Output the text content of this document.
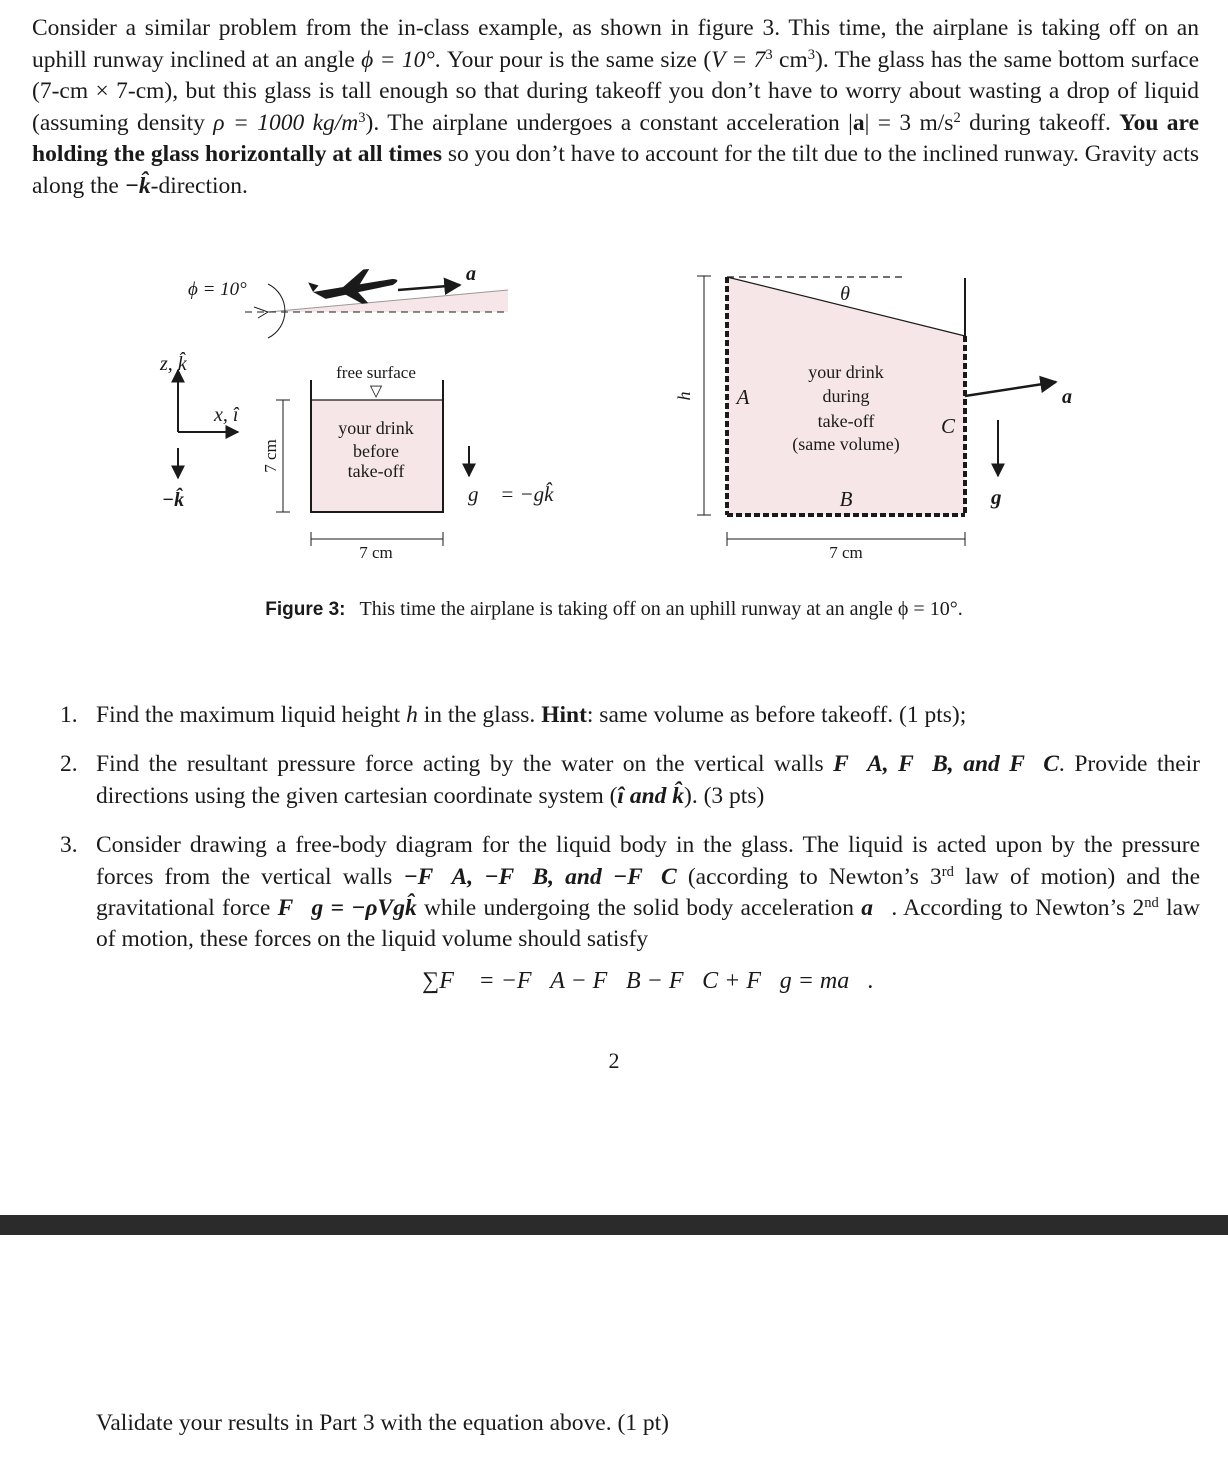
Consider a similar problem from the in-class example, as shown in figure 3. This time, the airplane is taking off on an uphill runway inclined at an angle ϕ = 10°. Your pour is the same size ($V = 7^3$ $cm^3$). The glass has the same bottom surface (7-cm × 7-cm), but this glass is tall enough so that during takeoff you don’t have to worry about wasting a drop of liquid (assuming density ρ = 1000 $kg/m^3$). The airplane undergoes a constant acceleration |a| = 3 $m/s^2$ during takeoff. You are holding the glass horizontally at all times so you don’t have to account for the tilt due to the inclined runway. Gravity acts along the −k̂-direction.
a⃗
ϕ = 10°
z, k̂
x, î
−k̂
7 cm
free surface
▽
your drink
before
take-off
7 cm
g⃗ = −gk̂
h
θ
A
C
B
your drink
during
take-off
(same volume)
a⃗
g⃗
7 cm
Figure 3: This time the airplane is taking off on an uphill runway at an angle ϕ = 10°.
1. Find the maximum liquid height h in the glass. Hint: same volume as before takeoff. (1 pts);
2. Find the resultant pressure force acting by the water on the vertical walls F⃗A, F⃗B, and F⃗C. Provide their directions using the given cartesian coordinate system (î and k̂). (3 pts)
3. Consider drawing a free-body diagram for the liquid body in the glass. The liquid is acted upon by the pressure forces from the vertical walls −F⃗A, −F⃗B, and −F⃗C (according to Newton’s 3rd law of motion) and the gravitational force F⃗g = −ρVgk̂ while undergoing the solid body acceleration a⃗. According to Newton’s 2nd law of motion, these forces on the liquid volume should satisfy
∑F⃗ = −F⃗A − F⃗B − F⃗C + F⃗g = ma⃗.
2
Validate your results in Part 3 with the equation above. (1 pt)
